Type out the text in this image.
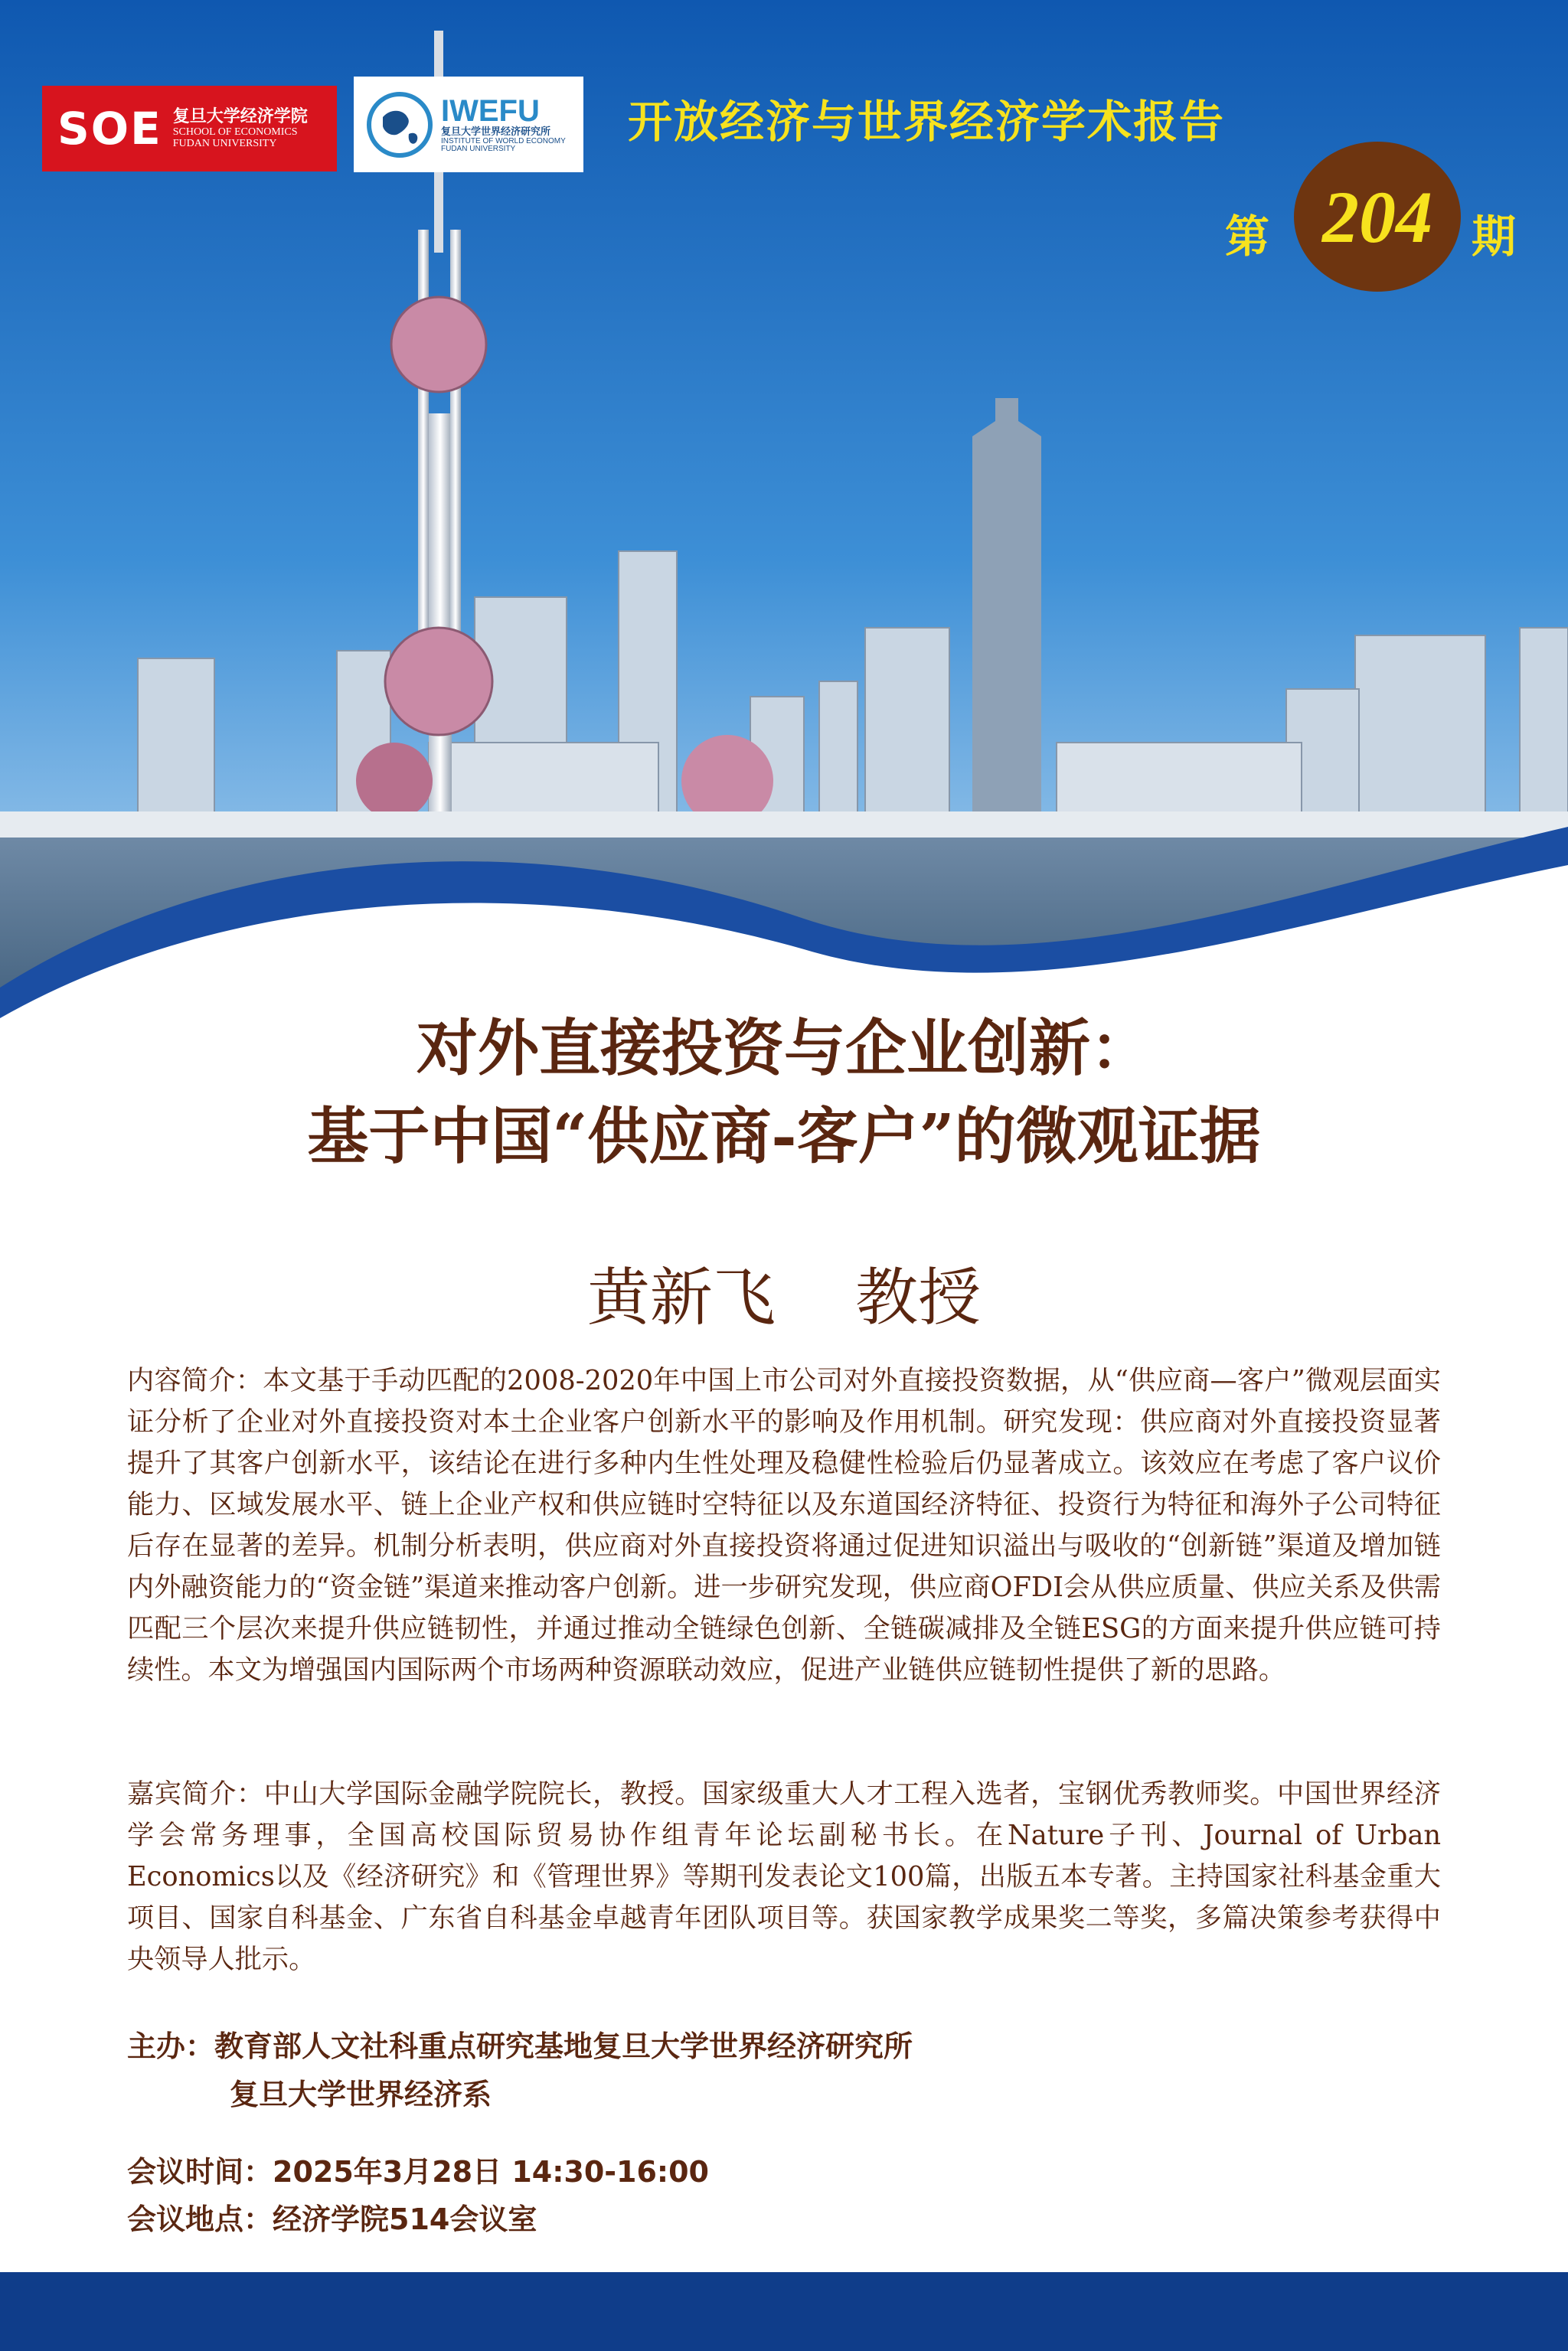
SOE 复旦大学经济学院
SCHOOL OF ECONOMICS
FUDAN UNIVERSITY
IWEFU
复旦大学世界经济研究所
INSTITUTE OF WORLD ECONOMY
FUDAN UNIVERSITY
开放经济与世界经济学术报告
第 204 期
对外直接投资与企业创新：
基于中国“供应商-客户”的微观证据
黄新飞    教授
内容简介：本文基于手动匹配的2008-2020年中国上市公司对外直接投资数据，从“供应商—客户”微观层面实证分析了企业对外直接投资对本土企业客户创新水平的影响及作用机制。研究发现：供应商对外直接投资显著提升了其客户创新水平，该结论在进行多种内生性处理及稳健性检验后仍显著成立。该效应在考虑了客户议价能力、区域发展水平、链上企业产权和供应链时空特征以及东道国经济特征、投资行为特征和海外子公司特征后存在显著的差异。机制分析表明，供应商对外直接投资将通过促进知识溢出与吸收的“创新链”渠道及增加链内外融资能力的“资金链”渠道来推动客户创新。进一步研究发现，供应商OFDI会从供应质量、供应关系及供需匹配三个层次来提升供应链韧性，并通过推动全链绿色创新、全链碳减排及全链ESG的方面来提升供应链可持续性。本文为增强国内国际两个市场两种资源联动效应，促进产业链供应链韧性提供了新的思路。
嘉宾简介：中山大学国际金融学院院长，教授。国家级重大人才工程入选者，宝钢优秀教师奖。中国世界经济学会常务理事，全国高校国际贸易协作组青年论坛副秘书长。在Nature子刊、Journal of Urban Economics以及《经济研究》和《管理世界》等期刊发表论文100篇，出版五本专著。主持国家社科基金重大项目、国家自科基金、广东省自科基金卓越青年团队项目等。获国家教学成果奖二等奖，多篇决策参考获得中央领导人批示。
主办：教育部人文社科重点研究基地复旦大学世界经济研究所
复旦大学世界经济系
会议时间：2025年3月28日 14:30-16:00
会议地点：经济学院514会议室
